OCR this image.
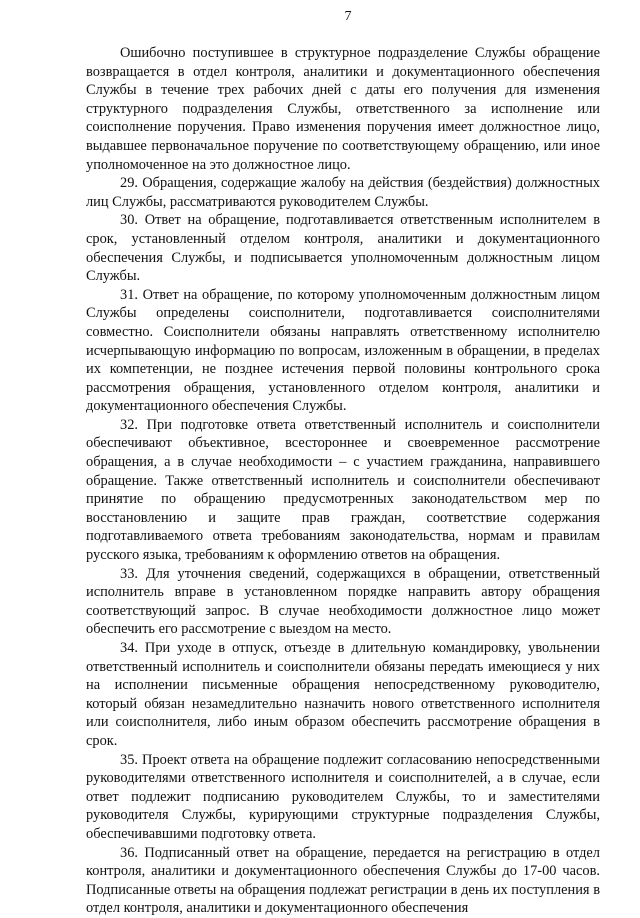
7

Ошибочно поступившее в структурное подразделение Службы обращение возвращается в отдел контроля, аналитики и документационного обеспечения Службы в течение трех рабочих дней с даты его получения для изменения структурного подразделения Службы, ответственного за исполнение или соисполнение поручения. Право изменения поручения имеет должностное лицо, выдавшее первоначальное поручение по соответствующему обращению, или иное уполномоченное на это должностное лицо.

29. Обращения, содержащие жалобу на действия (бездействия) должностных лиц Службы, рассматриваются руководителем Службы.

30. Ответ на обращение, подготавливается ответственным исполнителем в срок, установленный отделом контроля, аналитики и документационного обеспечения Службы, и подписывается уполномоченным должностным лицом Службы.

31. Ответ на обращение, по которому уполномоченным должностным лицом Службы определены соисполнители, подготавливается соисполнителями совместно. Соисполнители обязаны направлять ответственному исполнителю исчерпывающую информацию по вопросам, изложенным в обращении, в пределах их компетенции, не позднее истечения первой половины контрольного срока рассмотрения обращения, установленного отделом контроля, аналитики и документационного обеспечения Службы.

32. При подготовке ответа ответственный исполнитель и соисполнители обеспечивают объективное, всестороннее и своевременное рассмотрение обращения, а в случае необходимости – с участием гражданина, направившего обращение. Также ответственный исполнитель и соисполнители обеспечивают принятие по обращению предусмотренных законодательством мер по восстановлению и защите прав граждан, соответствие содержания подготавливаемого ответа требованиям законодательства, нормам и правилам русского языка, требованиям к оформлению ответов на обращения.

33. Для уточнения сведений, содержащихся в обращении, ответственный исполнитель вправе в установленном порядке направить автору обращения соответствующий запрос. В случае необходимости должностное лицо может обеспечить его рассмотрение с выездом на место.

34. При уходе в отпуск, отъезде в длительную командировку, увольнении ответственный исполнитель и соисполнители обязаны передать имеющиеся у них на исполнении письменные обращения непосредственному руководителю, который обязан незамедлительно назначить нового ответственного исполнителя или соисполнителя, либо иным образом обеспечить рассмотрение обращения в срок.

35. Проект ответа на обращение подлежит согласованию непосредственными руководителями ответственного исполнителя и соисполнителей, а в случае, если ответ подлежит подписанию руководителем Службы, то и заместителями руководителя Службы, курирующими структурные подразделения Службы, обеспечивавшими подготовку ответа.

36. Подписанный ответ на обращение, передается на регистрацию в отдел контроля, аналитики и документационного обеспечения Службы до 17-00 часов. Подписанные ответы на обращения подлежат регистрации в день их поступления в отдел контроля, аналитики и документационного обеспечения
